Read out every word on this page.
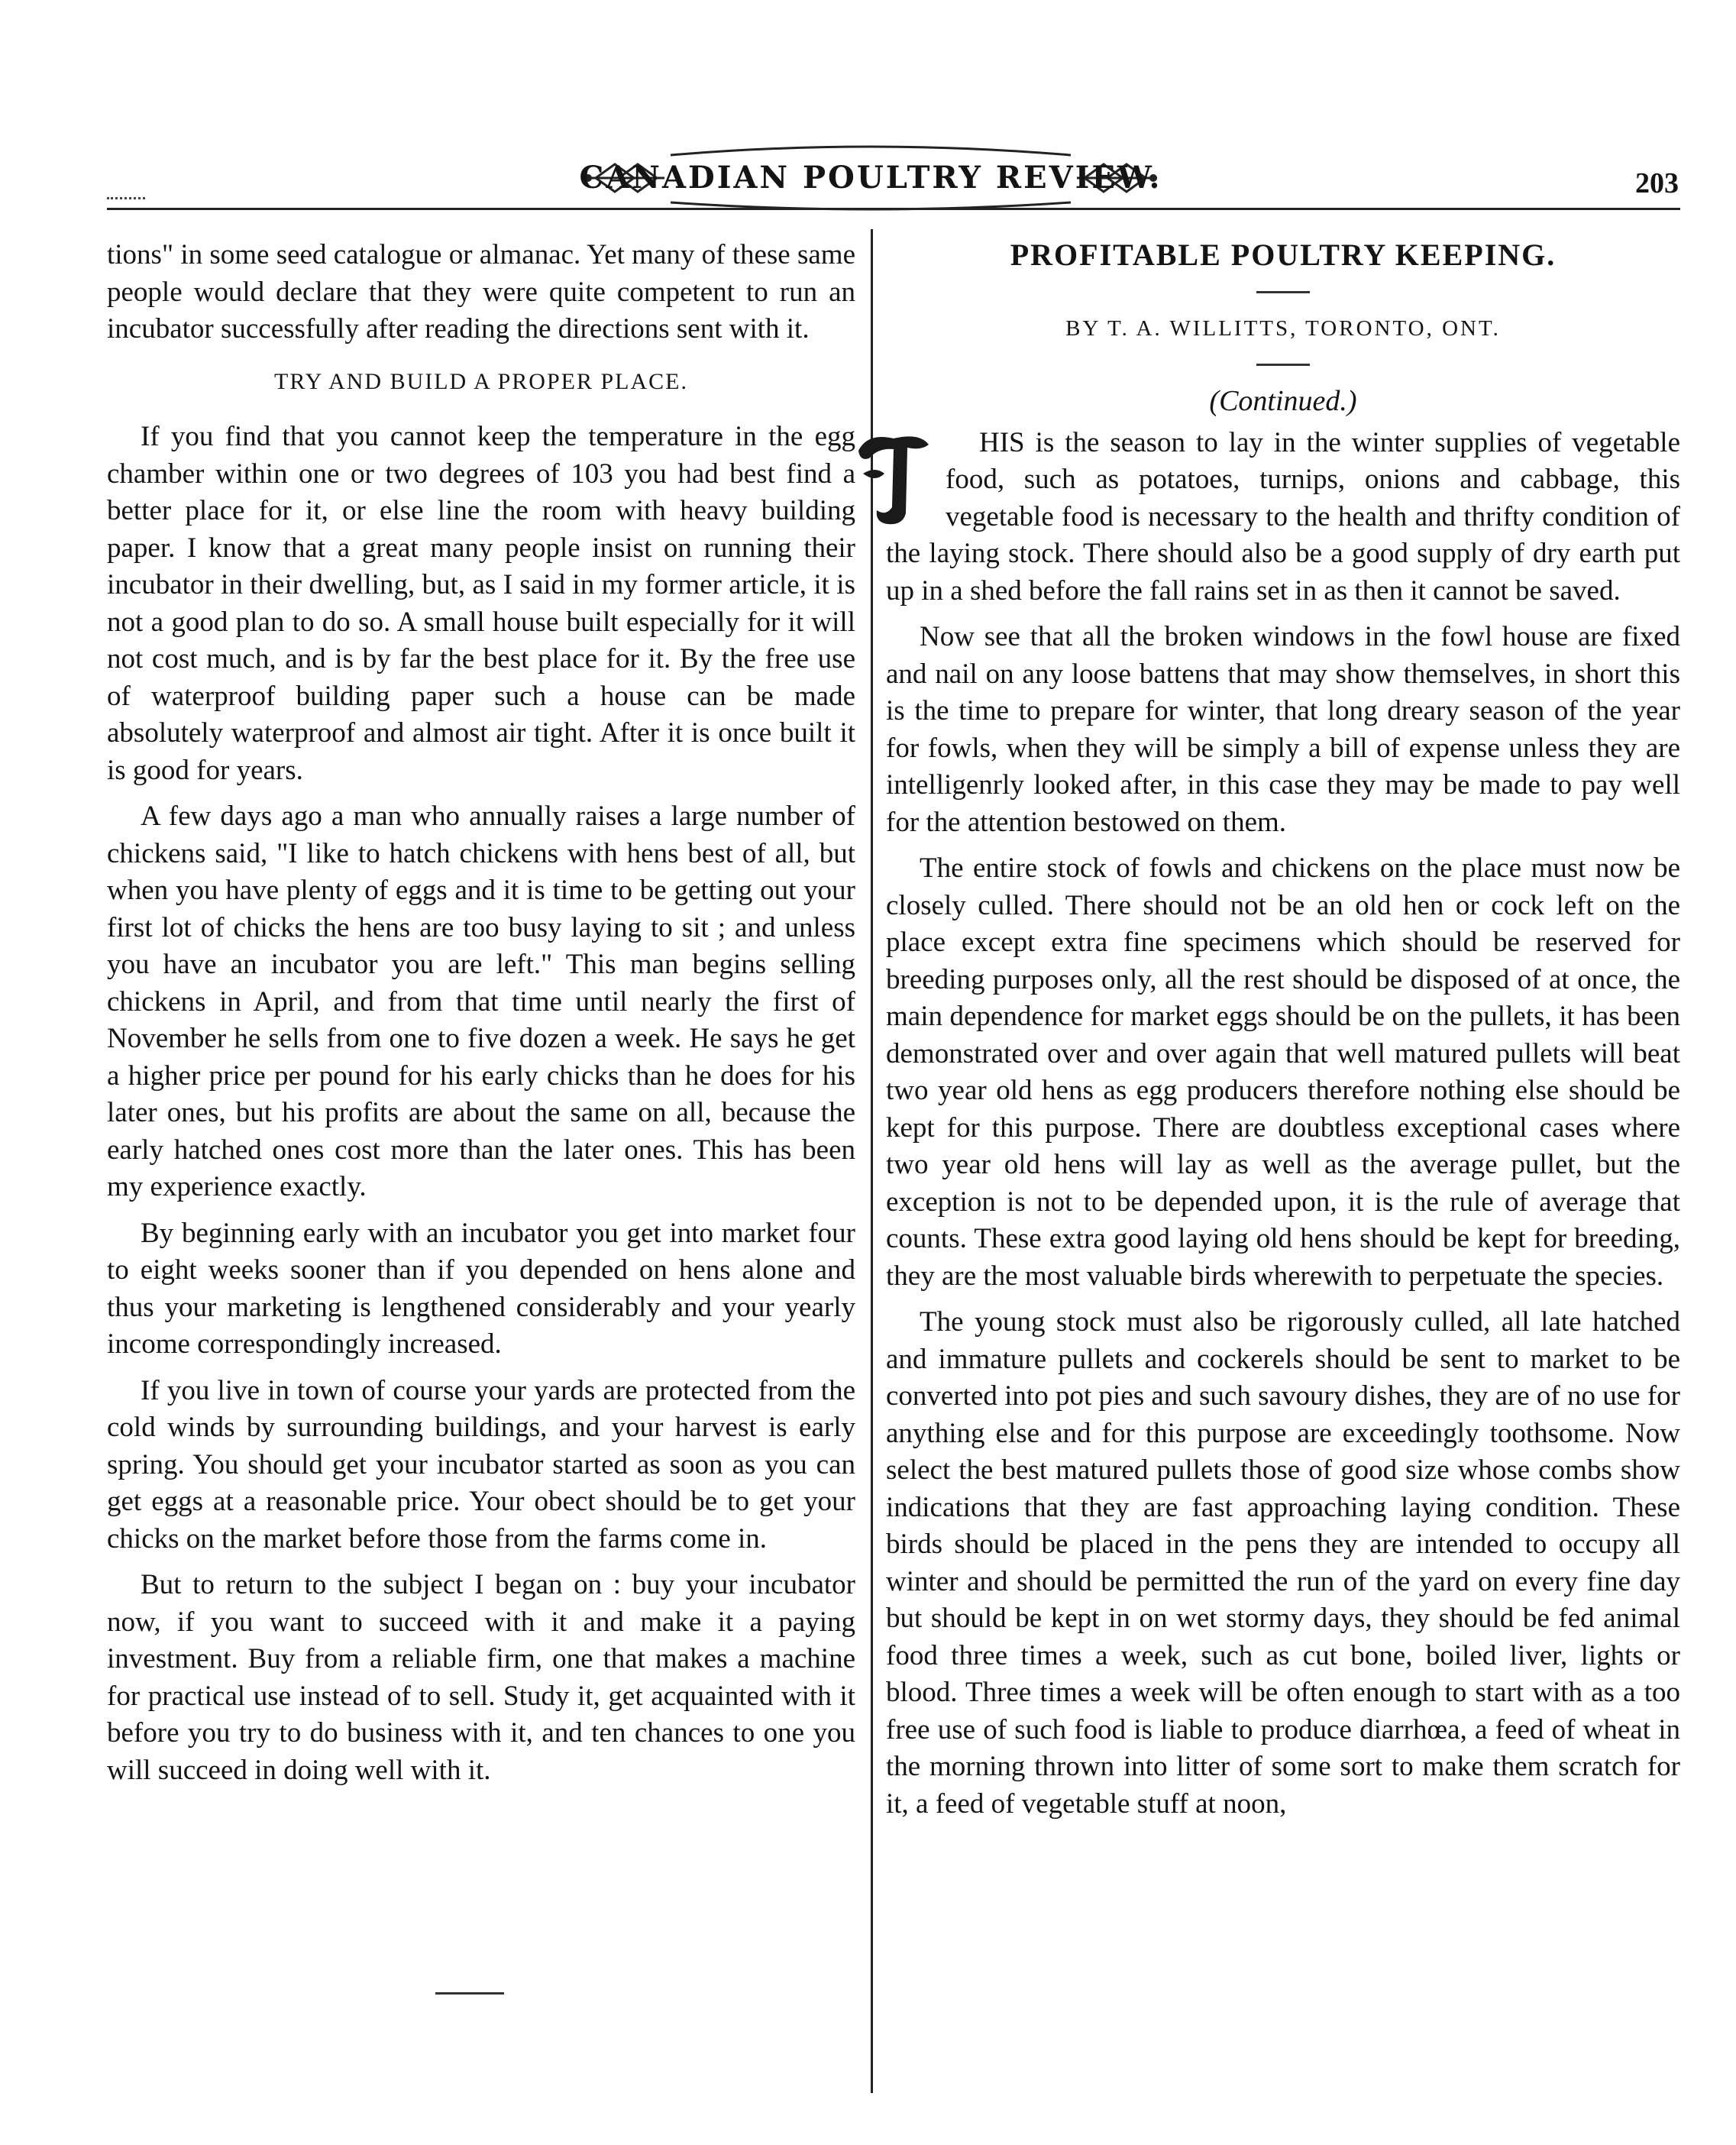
CANADIAN POULTRY REVIEW.	203

tions" in some seed catalogue or almanac. Yet many of these same people would declare that they were quite competent to run an incubator successfully after reading the directions sent with it.

TRY AND BUILD A PROPER PLACE.

If you find that you cannot keep the temperature in the egg chamber within one or two degrees of 103 you had best find a better place for it, or else line the room with heavy building paper. I know that a great many people insist on running their incubator in their dwelling, but, as I said in my former article, it is not a good plan to do so. A small house built especially for it will not cost much, and is by far the best place for it. By the free use of waterproof building paper such a house can be made absolutely waterproof and almost air tight. After it is once built it is good for years.

A few days ago a man who annually raises a large number of chickens said, "I like to hatch chickens with hens best of all, but when you have plenty of eggs and it is time to be getting out your first lot of chicks the hens are too busy laying to sit ; and unless you have an incubator you are left." This man begins selling chickens in April, and from that time until nearly the first of November he sells from one to five dozen a week. He says he get a higher price per pound for his early chicks than he does for his later ones, but his profits are about the same on all, because the early hatched ones cost more than the later ones. This has been my experience exactly.

By beginning early with an incubator you get into market four to eight weeks sooner than if you depended on hens alone and thus your marketing is lengthened considerably and your yearly income correspondingly increased.

If you live in town of course your yards are protected from the cold winds by surrounding buildings, and your harvest is early spring. You should get your incubator started as soon as you can get eggs at a reasonable price. Your obect should be to get your chicks on the market before those from the farms come in.

But to return to the subject I began on : buy your incubator now, if you want to succeed with it and make it a paying investment. Buy from a reliable firm, one that makes a machine for practical use instead of to sell. Study it, get acquainted with it before you try to do business with it, and ten chances to one you will succeed in doing well with it.

PROFITABLE POULTRY KEEPING.
BY T. A. WILLITTS, TORONTO, ONT.
(Continued.)

T
HIS is the season to lay in the winter supplies of vegetable food, such as potatoes, turnips, onions and cabbage, this vegetable food is necessary to the health and thrifty condition of the laying stock. There should also be a good supply of dry earth put up in a shed before the fall rains set in as then it cannot be saved.

Now see that all the broken windows in the fowl house are fixed and nail on any loose battens that may show themselves, in short this is the time to prepare for winter, that long dreary season of the year for fowls, when they will be simply a bill of expense unless they are intelligenrly looked after, in this case they may be made to pay well for the attention bestowed on them.

The entire stock of fowls and chickens on the place must now be closely culled. There should not be an old hen or cock left on the place except extra fine specimens which should be reserved for breeding purposes only, all the rest should be disposed of at once, the main dependence for market eggs should be on the pullets, it has been demonstrated over and over again that well matured pullets will beat two year old hens as egg producers therefore nothing else should be kept for this purpose. There are doubtless exceptional cases where two year old hens will lay as well as the average pullet, but the exception is not to be depended upon, it is the rule of average that counts. These extra good laying old hens should be kept for breeding, they are the most valuable birds wherewith to perpetuate the species.

The young stock must also be rigorously culled, all late hatched and immature pullets and cockerels should be sent to market to be converted into pot pies and such savoury dishes, they are of no use for anything else and for this purpose are exceedingly toothsome. Now select the best matured pullets those of good size whose combs show indications that they are fast approaching laying condition. These birds should be placed in the pens they are intended to occupy all winter and should be permitted the run of the yard on every fine day but should be kept in on wet stormy days, they should be fed animal food three times a week, such as cut bone, boiled liver, lights or blood. Three times a week will be often enough to start with as a too free use of such food is liable to produce diarrhœa, a feed of wheat in the morning thrown into litter of some sort to make them scratch for it, a feed of vegetable stuff at noon,
